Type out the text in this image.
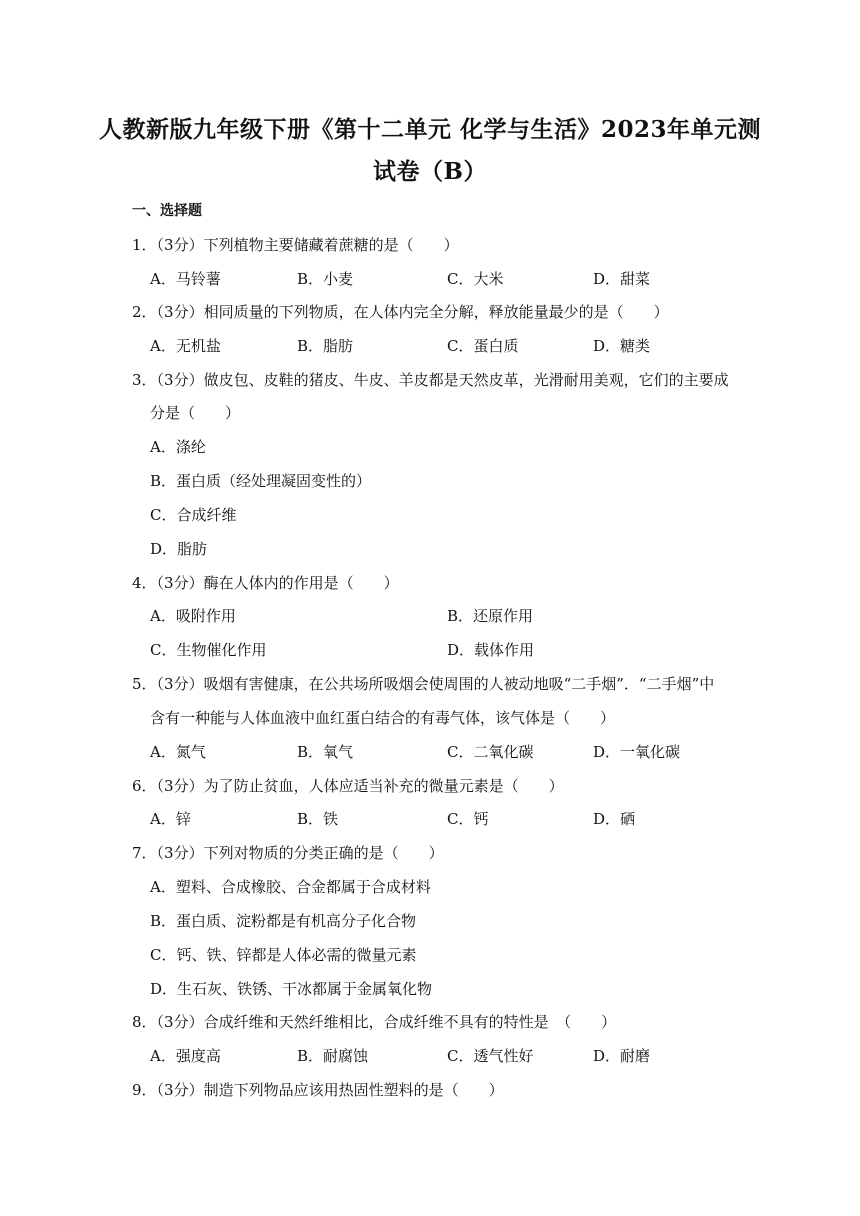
人教新版九年级下册《第十二单元 化学与生活》2023年单元测
试卷（B）
一、选择题
1．（3分）下列植物主要储藏着蔗糖的是（　　）
A．马铃薯	B．小麦	C．大米	D．甜菜
2．（3分）相同质量的下列物质，在人体内完全分解，释放能量最少的是（　　）
A．无机盐	B．脂肪	C．蛋白质	D．糖类
3．（3分）做皮包、皮鞋的猪皮、牛皮、羊皮都是天然皮革，光滑耐用美观，它们的主要成
分是（　　）
A．涤纶
B．蛋白质（经处理凝固变性的）
C．合成纤维
D．脂肪
4．（3分）酶在人体内的作用是（　　）
A．吸附作用	B．还原作用
C．生物催化作用	D．载体作用
5．（3分）吸烟有害健康，在公共场所吸烟会使周围的人被动地吸“二手烟”．“二手烟”中
含有一种能与人体血液中血红蛋白结合的有毒气体，该气体是（　　）
A．氮气	B．氧气	C．二氧化碳	D．一氧化碳
6．（3分）为了防止贫血，人体应适当补充的微量元素是（　　）
A．锌	B．铁	C．钙	D．硒
7．（3分）下列对物质的分类正确的是（　　）
A．塑料、合成橡胶、合金都属于合成材料
B．蛋白质、淀粉都是有机高分子化合物
C．钙、铁、锌都是人体必需的微量元素
D．生石灰、铁锈、干冰都属于金属氧化物
8．（3分）合成纤维和天然纤维相比，合成纤维不具有的特性是　（　　）
A．强度高	B．耐腐蚀	C．透气性好	D．耐磨
9．（3分）制造下列物品应该用热固性塑料的是（　　）
